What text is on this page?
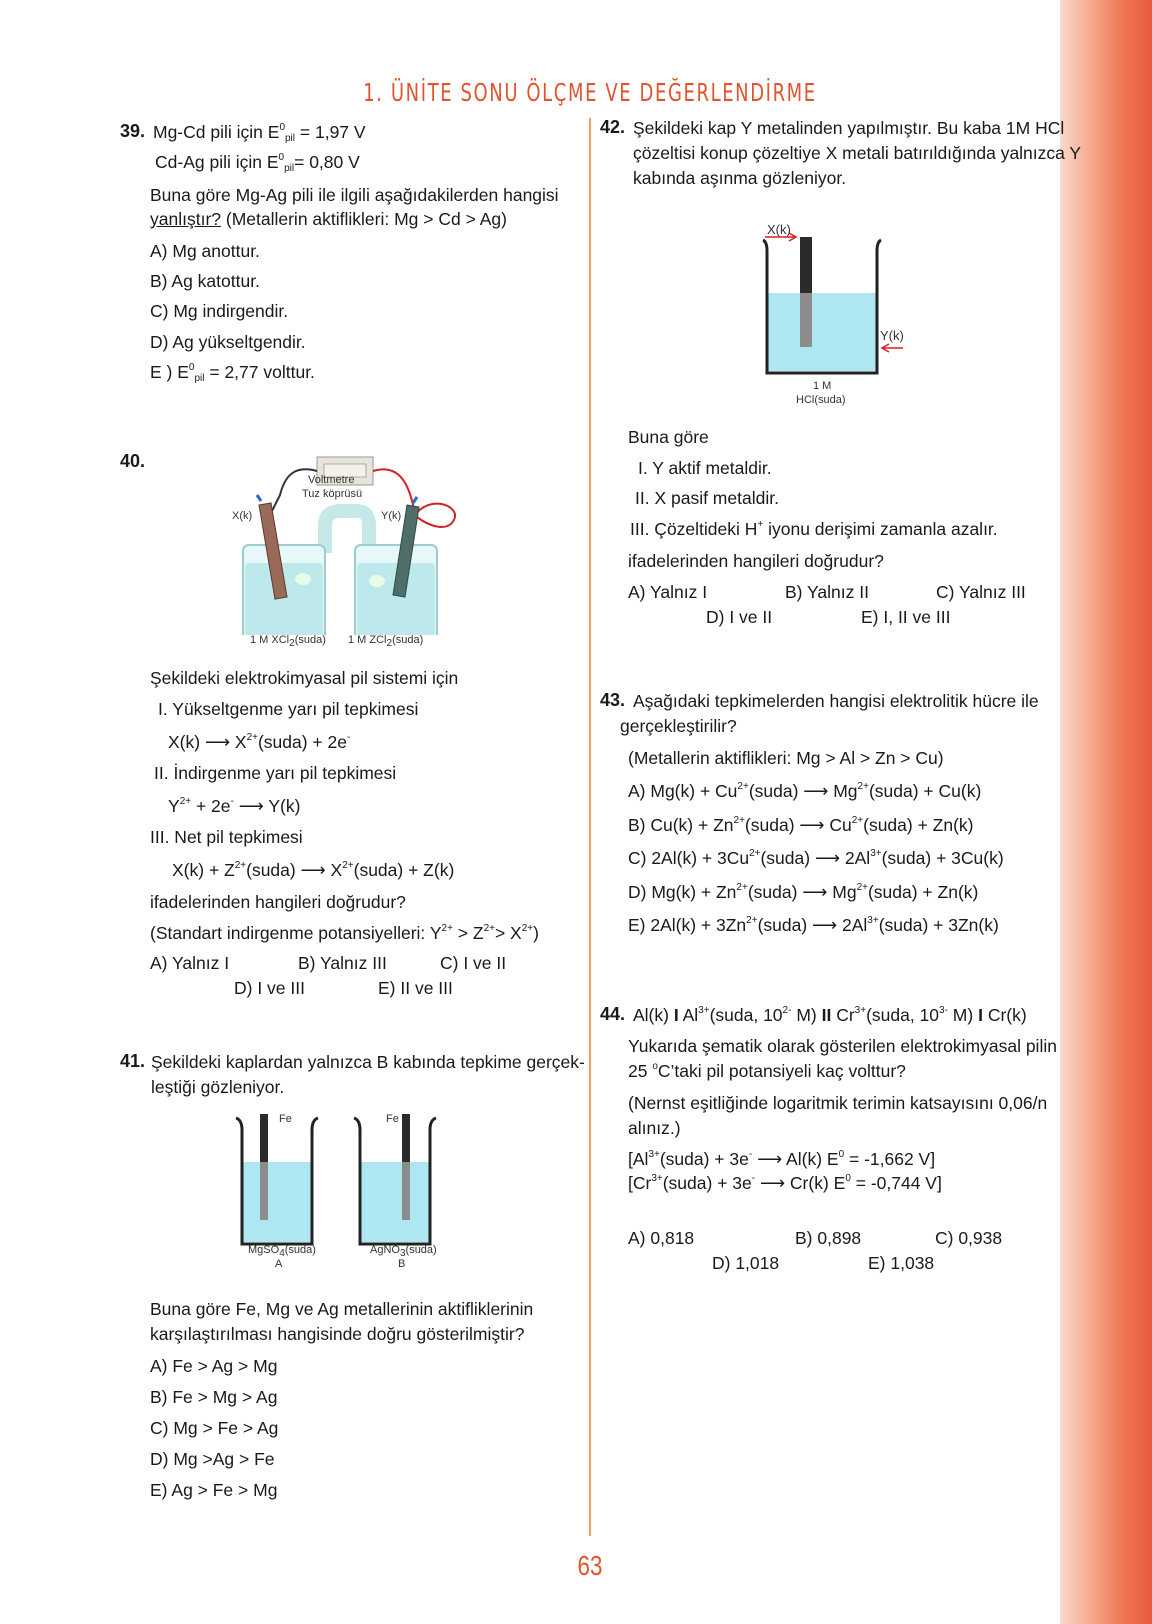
1. ÜNİTE SONU ÖLÇME VE DEĞERLENDİRME
39. Mg-Cd pili için $E^0_{pil} = 1,97$ V
Cd-Ag pili için $E^0_{pil}= 0,80$ V
Buna göre Mg-Ag pili ile ilgili aşağıdakilerden hangisi
yanlıştır? (Metallerin aktiflikleri: Mg > Cd > Ag)
A) Mg anottur.
B) Ag katottur.
C) Mg indirgendir.
D) Ag yükseltgendir.
E ) $E^0_{pil} = 2,77$ volttur.
40.
Voltmetre
Tuz köprüsü
X(k)	Y(k)
1 M XCl$_2$(suda) 1 M ZCl$_2$(suda)
Şekildeki elektrokimyasal pil sistemi için
I. Yükseltgenme yarı pil tepkimesi
X(k) ⟶ $X^{2+}(suda) + 2e^-$
II. İndirgenme yarı pil tepkimesi
$Y^{2+} + 2e^-$ ⟶ Y(k)
III. Net pil tepkimesi
$X(k) + Z^{2+}(suda)$ ⟶ $X^{2+}(suda) + Z(k)$
ifadelerinden hangileri doğrudur?
(Standart indirgenme potansiyelleri: $Y^{2+} > Z^{2+}> X^{2+}$)
A) Yalnız I	B) Yalnız III	C) I ve II
D) I ve III	E) II ve III
41. Şekildeki kaplardan yalnızca B kabında tepkime gerçek-
leştiği gözleniyor.
Fe	Fe
MgSO$_4$(suda)
A
AgNO$_3$(suda)
B
Buna göre Fe, Mg ve Ag metallerinin aktifliklerinin
karşılaştırılması hangisinde doğru gösterilmiştir?
A) Fe > Ag > Mg
B) Fe > Mg > Ag
C) Mg > Fe > Ag
D) Mg >Ag > Fe
E) Ag > Fe > Mg
42. Şekildeki kap Y metalinden yapılmıştır. Bu kaba 1M HCl
çözeltisi konup çözeltiye X metali batırıldığında yalnızca Y
kabında aşınma gözleniyor.
X(k)
Y(k)
1 M
HCl(suda)
Buna göre
I. Y aktif metaldir.
II. X pasif metaldir.
III. Çözeltideki H+ iyonu derişimi zamanla azalır.
ifadelerinden hangileri doğrudur?
A) Yalnız I	B) Yalnız II	C) Yalnız III
D) I ve II	E) I, II ve III
43. Aşağıdaki tepkimelerden hangisi elektrolitik hücre ile
gerçekleştirilir?
(Metallerin aktiflikleri: Mg > Al > Zn > Cu)
A) $Mg(k) + Cu^{2+}(suda)$ ⟶ $Mg^{2+}(suda) + Cu(k)$
B) $Cu(k) + Zn^{2+}(suda)$ ⟶ $Cu^{2+}(suda) + Zn(k)$
C) $2Al(k) + 3Cu^{2+}(suda)$ ⟶ $2Al^{3+}(suda) + 3Cu(k)$
D) $Mg(k) + Zn^{2+}(suda)$ ⟶ $Mg^{2+}(suda) + Zn(k)$
E) $2Al(k) + 3Zn^{2+}(suda)$ ⟶ $2Al^{3+}(suda) + 3Zn(k)$
44. Al(k) I $Al^{3+}(suda$, $10^{2-}$ M) II $Cr^{3+}(suda$, $10^{3-}$ M) I Cr(k)
Yukarıda şematik olarak gösterilen elektrokimyasal pilin
25 $^o$C’taki pil potansiyeli kaç volttur?
(Nernst eşitliğinde logaritmik terimin katsayısını 0,06/n
alınız.)
[$Al^{3+}(suda) + 3e^-$ ⟶ Al(k) $E^0 = -1,662$ V]
[$Cr^{3+}(suda) + 3e^-$ ⟶ Cr(k) $E^0 = -0,744$ V]
A) 0,818	B) 0,898	C) 0,938
D) 1,018	E) 1,038
63
